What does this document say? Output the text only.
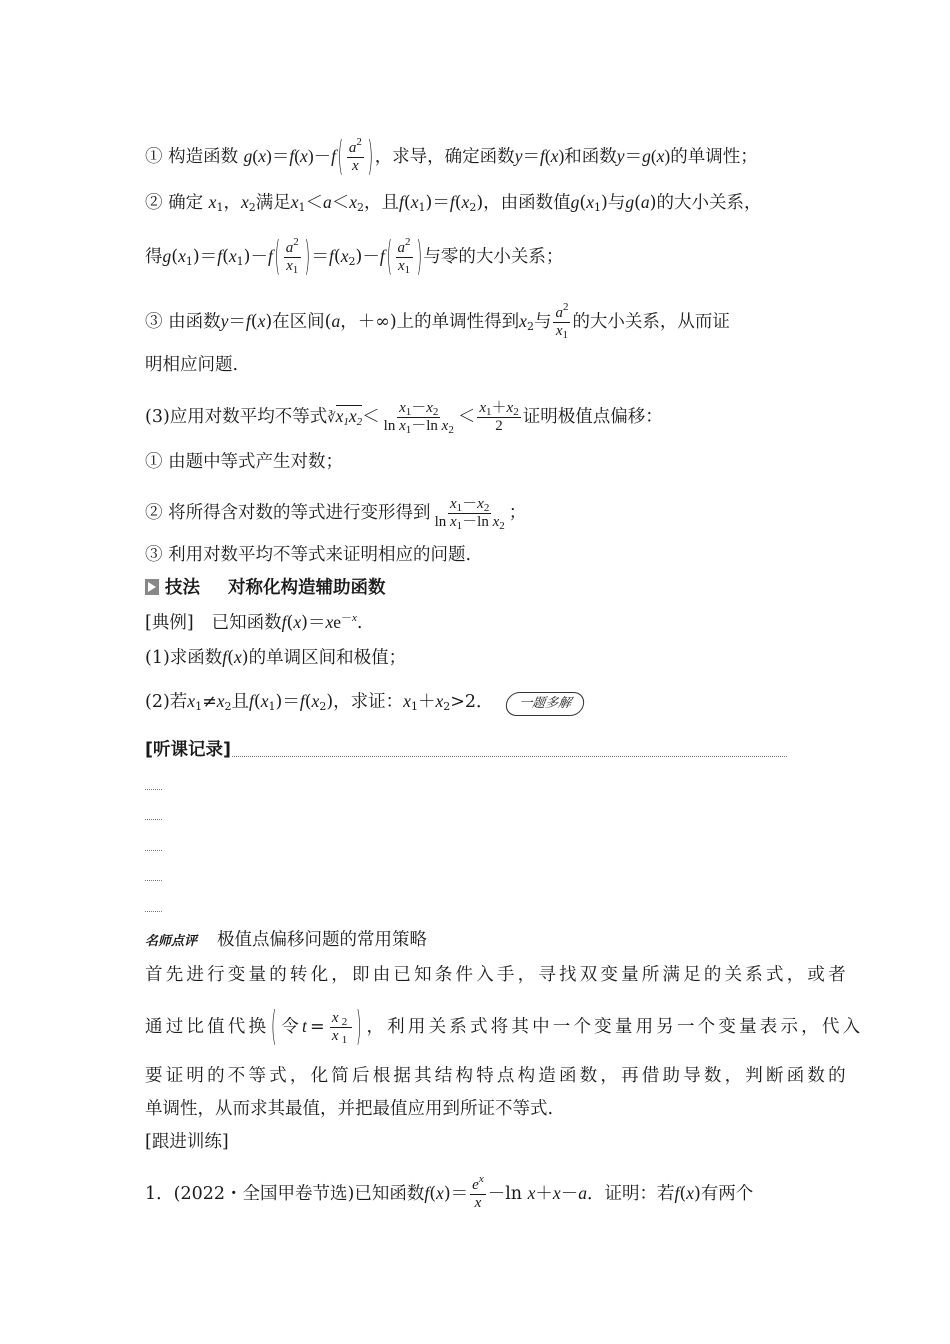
① 构造函数 $g(x)=f(x)-f( \frac{a^2}{x}$ )，求导，确定函数y＝f(x)和函数y＝g(x)的单调性；
② 确定 $x_1$，$x_2$满足$x_1<a<x_2$，且$f(x_1)=f(x_2)$，由函数值$g(x_1)$与g(a)的大小关系，
得$g(x_1)=f(x_1)-f( \frac{a^2}{x_1} )=f(x_2)-f( \frac{a^2}{x_1}$ )与零的大小关系；
③ 由函数y＝f(x)在区间(a，＋∞)上的单调性得到$x_2$与 $\frac{a^2}{x_1}$ 的大小关系，从而证
明相应问题.
(3)应用对数平均不等式$∛x_1x_2< \frac{x_1-x_2}{\ln x_1-\ln x_2} < \frac{x_1+x_2}{2}$ 证明极值点偏移：
① 由题中等式产生对数；
② 将所得含对数的等式进行变形得到 $\frac{x_1-x_2}{\ln x_1-\ln x_2}$ ；
③ 利用对数平均不等式来证明相应的问题.
技法 对称化构造辅助函数
[典例] 已知函数$f(x)=xe^{-x}$.
(1)求函数f(x)的单调区间和极值；
(2)若$x_1\ne x_2$且$f(x_1)=f(x_2)$，求证：$x_1+x_2>2$． 一题多解
[听课记录]
名师点评 极值点偏移问题的常用策略
首先进行变量的转化，即由已知条件入手，寻找双变量所满足的关系式，或者
通过比值代换 ( 令$t= \frac{x_2}{x_1}$ ) ，利用关系式将其中一个变量用另一个变量表示，代入
要证明的不等式，化简后根据其结构特点构造函数，再借助导数，判断函数的
单调性，从而求其最值，并把最值应用到所证不等式.
[跟进训练]
1．(2022・全国甲卷节选)已知函数$f(x)= \frac{e^x}{x} -\ln$ x＋x－a．证明：若f(x)有两个
